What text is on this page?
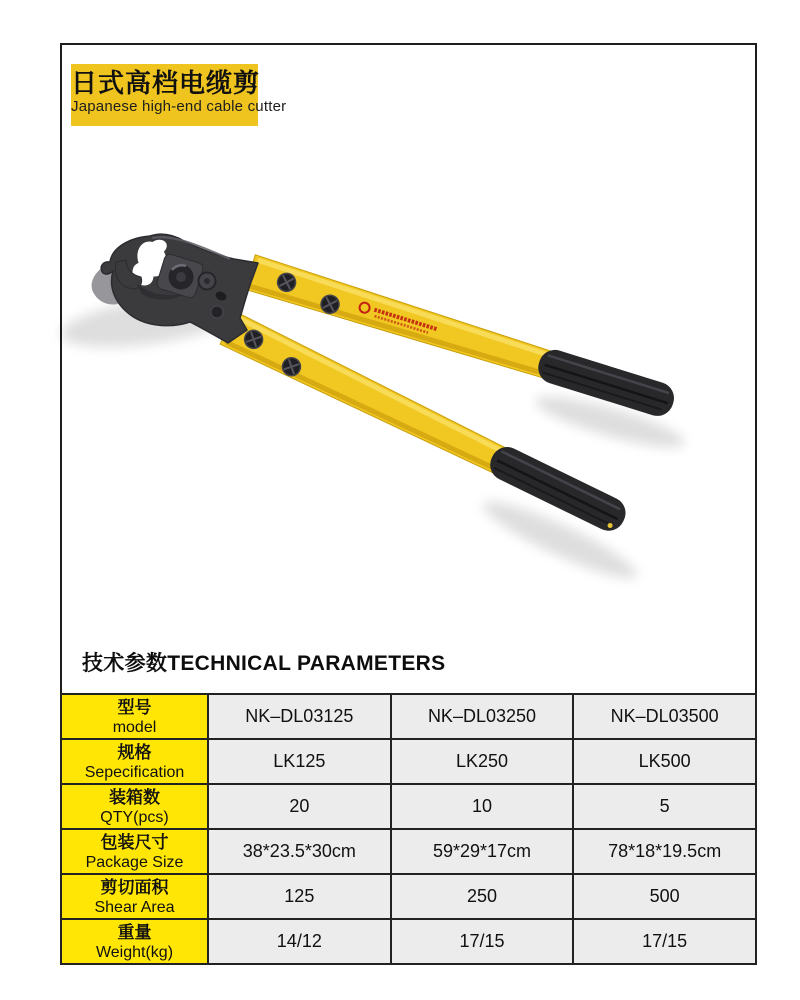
日式高档电缆剪
Japanese high-end cable cutter
技术参数TECHNICAL PARAMETERS
型号
model	NK–DL03125	NK–DL03250	NK–DL03500

规格
Sepecification	LK125	LK250	LK500

装箱数
QTY(pcs)	20	10	5

包装尺寸
Package Size	38*23.5*30cm	59*29*17cm	78*18*19.5cm

剪切面积
Shear Area	125	250	500

重量
Weight(kg)	14/12	17/15	17/15
